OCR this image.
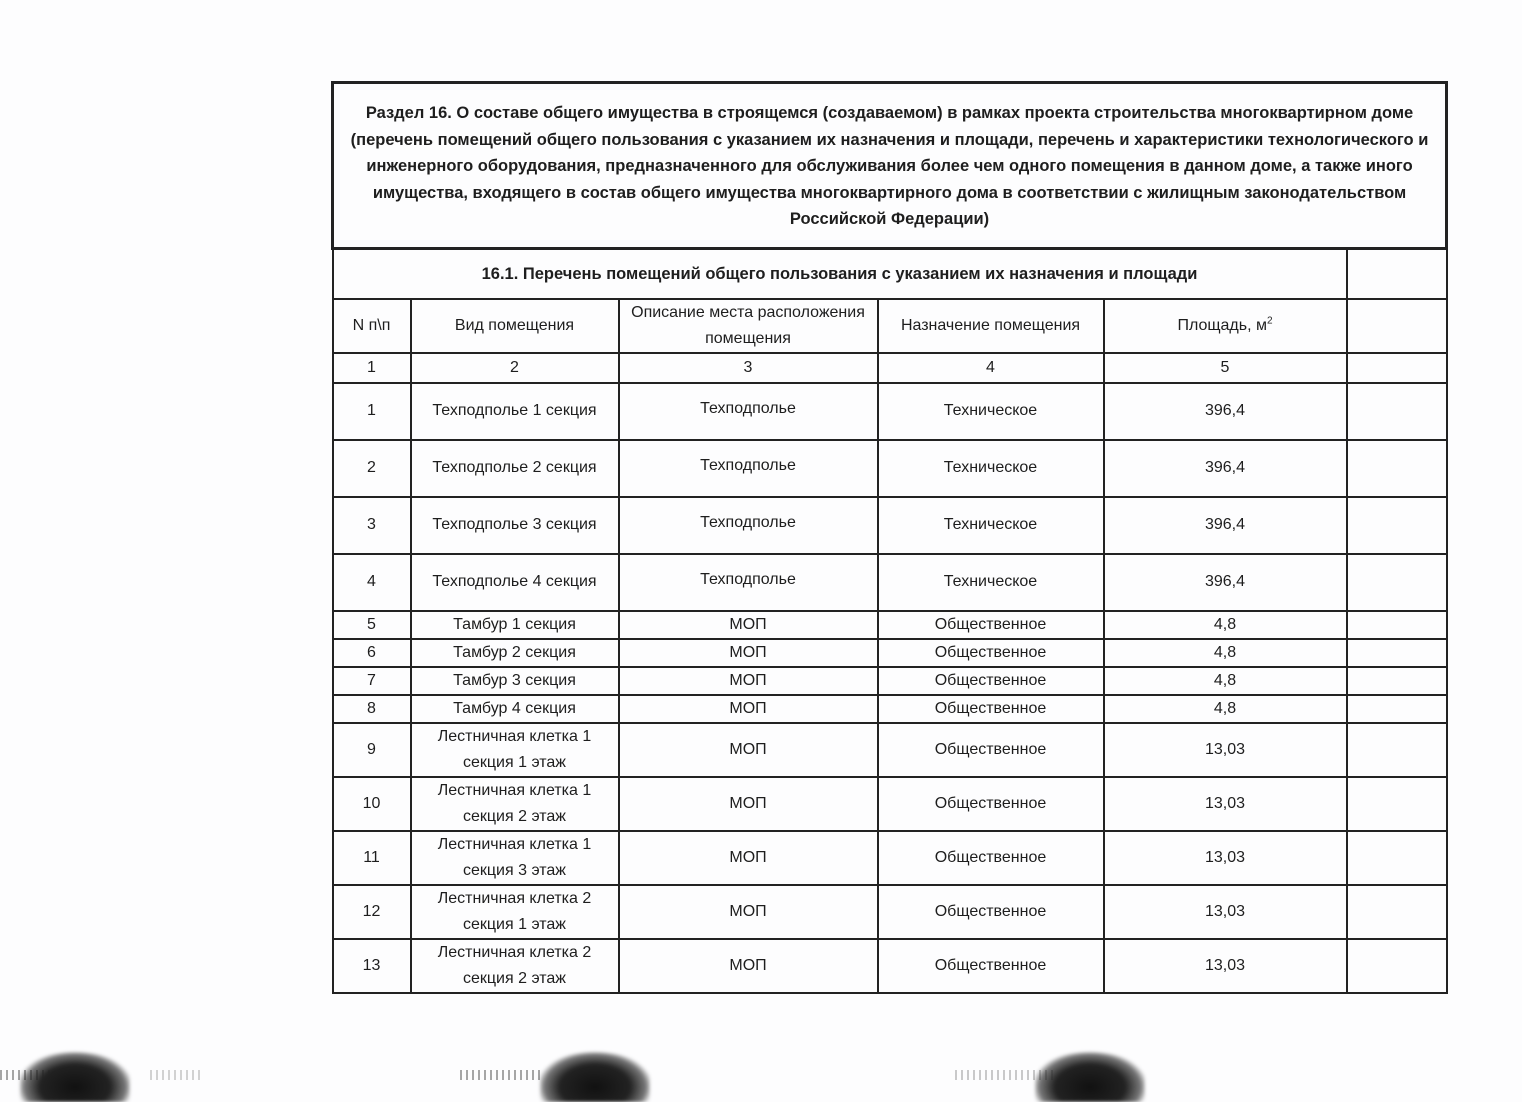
Раздел 16. О составе общего имущества в строящемся (создаваемом) в рамках проекта строительства многоквартирном доме (перечень помещений общего пользования с указанием их назначения и площади, перечень и характеристики технологического и инженерного оборудования, предназначенного для обслуживания более чем одного помещения в данном доме, а также иного имущества, входящего в состав общего имущества многоквартирного дома в соответствии с жилищным законодательством Российской Федерации)					
16.1. Перечень помещений общего пользования с указанием их назначения и площади					
N п\п	Вид помещения	Описание места расположения помещения	Назначение помещения	Площадь, $м^2$	
1	2	3	4	5	
1	Техподполье 1 секция	Техподполье	Техническое	396,4	
2	Техподполье 2 секция	Техподполье	Техническое	396,4	
3	Техподполье 3 секция	Техподполье	Техническое	396,4	
4	Техподполье 4 секция	Техподполье	Техническое	396,4	
5	Тамбур 1 секция	МОП	Общественное	4,8	
6	Тамбур 2 секция	МОП	Общественное	4,8	
7	Тамбур 3 секция	МОП	Общественное	4,8	
8	Тамбур 4 секция	МОП	Общественное	4,8	
9	Лестничная клетка 1 секция 1 этаж	МОП	Общественное	13,03	
10	Лестничная клетка 1 секция 2 этаж	МОП	Общественное	13,03	
11	Лестничная клетка 1 секция 3 этаж	МОП	Общественное	13,03	
12	Лестничная клетка 2 секция 1 этаж	МОП	Общественное	13,03	
13	Лестничная клетка 2 секция 2 этаж	МОП	Общественное	13,03	
